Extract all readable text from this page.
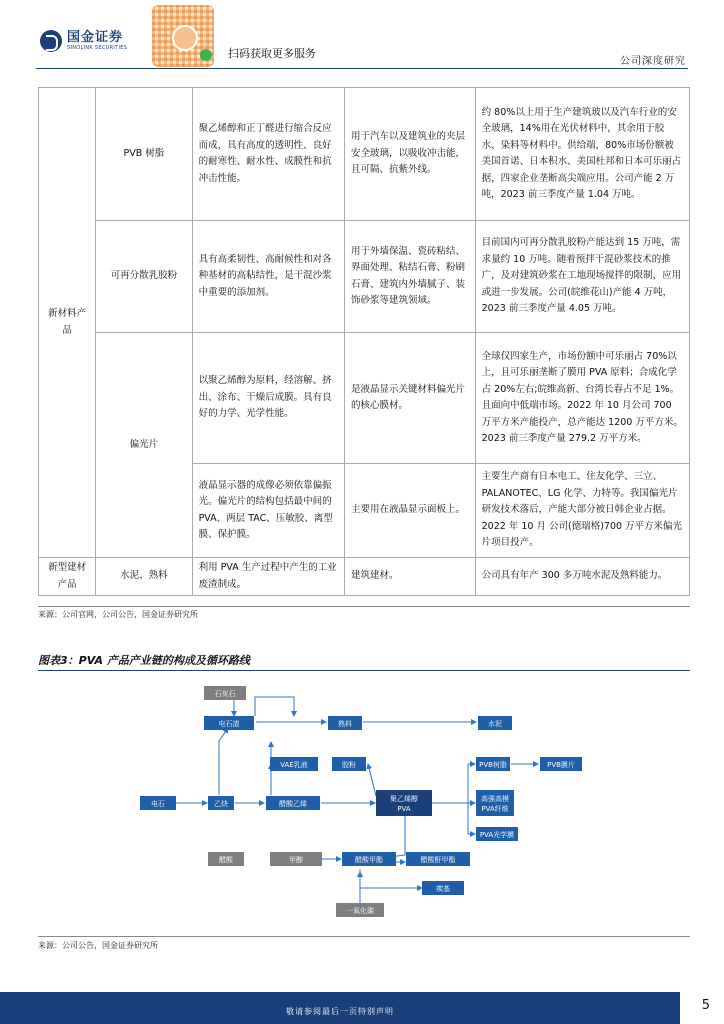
国金证券
SINOLINK SECURITIES	扫码获取更多服务
公司深度研究
新材料产品	PVB 树脂	聚乙烯醇和正丁醛进行缩合反应而成，具有高度的透明性、良好的耐寒性、耐水性、成膜性和抗冲击性能。	用于汽车以及建筑业的夹层安全玻璃，以吸收冲击能，且可隔、抗紫外线。	约 80%以上用于生产建筑玻以及汽车行业的安全玻璃，14%用在光伏材料中，其余用于胶水、染料等材料中。供给端，80%市场份额被美国首诺、日本积水、美国杜邦和日本可乐丽占据，四家企业垄断高尖端应用。公司产能 2 万吨，2023 前三季度产量 1.04 万吨。
	可再分散乳胶粉	具有高柔韧性、高耐候性和对各种基材的高粘结性，是干混沙浆中重要的添加剂。	用于外墙保温、瓷砖粘结、界面处理、粘结石膏、粉刷石膏、建筑内外墙腻子、装饰砂浆等建筑领域。	目前国内可再分散乳胶粉产能达到 15 万吨，需求量约 10 万吨。随着预拌干混砂浆技术的推广，及对建筑砂浆在工地现场搅拌的限制，应用或进一步发展。公司(皖维花山)产能 4 万吨，2023 前三季度产量 4.05 万吨。
	偏光片	以聚乙烯醇为原料，经溶解、挤出、涂布、干燥后成膜。具有良好的力学、光学性能。	是液晶显示关键材料偏光片的核心膜材。	全球仅四家生产，市场份额中可乐丽占 70%以上，且可乐丽垄断了膜用 PVA 原料；合成化学占 20%左右;皖维高新、台湾长春占不足 1%。且面向中低端市场。2022 年 10 月公司 700 万平方米产能投产，总产能达 1200 万平方米。2023 前三季度产量 279.2 万平方米。
		液晶显示器的成像必须依靠偏振光。偏光片的结构包括最中间的 PVA、两层 TAC、压敏胶、离型膜、保护膜。	主要用在液晶显示面板上。	主要生产商有日本电工、住友化学、三立、PALANOTEC、LG 化学、力特等。我国偏光片研发技术落后，产能大部分被日韩企业占据。2022 年 10 月 公司(德瑞格)700 万平方米偏光片项目投产。
新型建材产品	水泥、熟料	利用 PVA 生产过程中产生的工业废渣制成。	建筑建材。	公司具有年产 300 多万吨水泥及熟料能力。
来源：公司官网，公司公告，国金证券研究所
图表3：PVA 产品产业链的构成及循环路线
石灰石
电石渣	熟料	水泥
VAE乳液	胶粉
电石	乙炔	醋酸乙烯
聚乙烯醇
PVA
PVB树脂	PVB膜片
高强高模
PVA纤维
PVA光学膜
醋酸	甲醇	醋酸甲酯	醋酸酐甲酯
羰基
一氧化碳
来源：公司公告，国金证券研究所
敬请参阅最后一页特别声明	5
